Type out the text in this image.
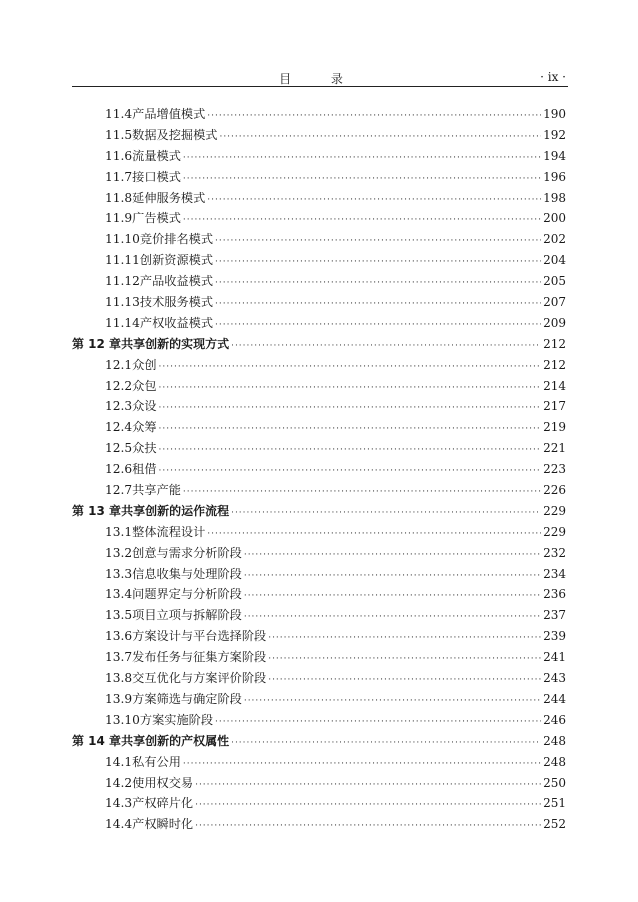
目 录	· ix ·
11.4 产品增值模式 ·····	190
11.5 数据及挖掘模式 ·····	192
11.6 流量模式 ·····	194
11.7 接口模式 ·····	196
11.8 延伸服务模式 ·····	198
11.9 广告模式 ·····	200
11.10 竞价排名模式 ·····	202
11.11 创新资源模式 ·····	204
11.12 产品收益模式 ·····	205
11.13 技术服务模式 ·····	207
11.14 产权收益模式 ·····	209
第 12 章 共享创新的实现方式 ·····	212
12.1 众创 ·····	212
12.2 众包 ·····	214
12.3 众设 ·····	217
12.4 众筹 ·····	219
12.5 众扶 ·····	221
12.6 租借 ·····	223
12.7 共享产能 ·····	226
第 13 章 共享创新的运作流程 ·····	229
13.1 整体流程设计 ·····	229
13.2 创意与需求分析阶段 ·····	232
13.3 信息收集与处理阶段 ·····	234
13.4 问题界定与分析阶段 ·····	236
13.5 项目立项与拆解阶段 ·····	237
13.6 方案设计与平台选择阶段 ·····	239
13.7 发布任务与征集方案阶段 ·····	241
13.8 交互优化与方案评价阶段 ·····	243
13.9 方案筛选与确定阶段 ·····	244
13.10 方案实施阶段 ·····	246
第 14 章 共享创新的产权属性 ·····	248
14.1 私有公用 ·····	248
14.2 使用权交易 ·····	250
14.3 产权碎片化 ·····	251
14.4 产权瞬时化 ·····	252
